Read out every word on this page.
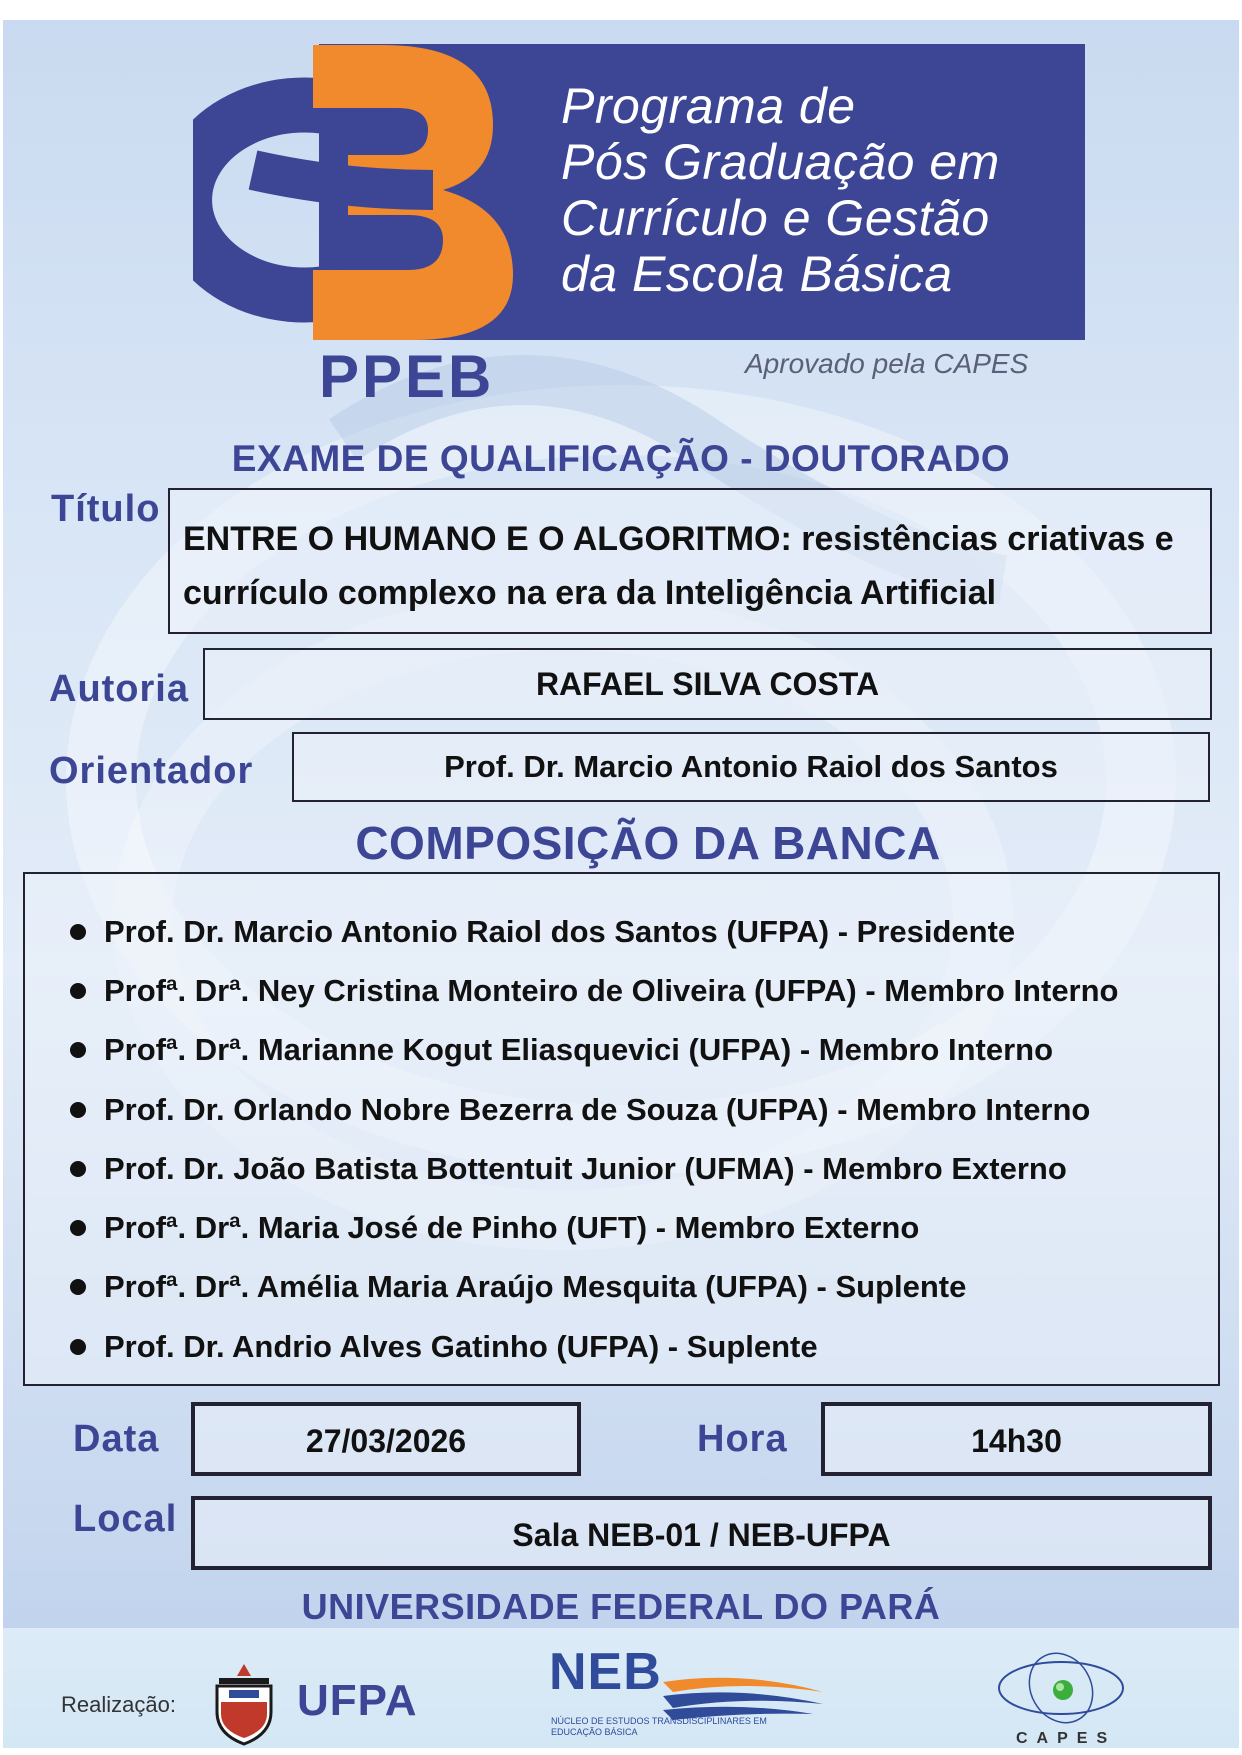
Programa de
Pós Graduação em
Currículo e Gestão
da Escola Básica
PPEB	Aprovado pela CAPES
EXAME DE QUALIFICAÇÃO - DOUTORADO
Título
ENTRE O HUMANO E O ALGORITMO: resistências criativas e currículo complexo na era da Inteligência Artificial
Autoria	RAFAEL SILVA COSTA
Orientador	Prof. Dr. Marcio Antonio Raiol dos Santos
COMPOSIÇÃO DA BANCA
Prof. Dr. Marcio Antonio Raiol dos Santos (UFPA) - Presidente
Profª. Drª. Ney Cristina Monteiro de Oliveira (UFPA) - Membro Interno
Profª. Drª. Marianne Kogut Eliasquevici (UFPA) - Membro Interno
Prof. Dr. Orlando Nobre Bezerra de Souza (UFPA) - Membro Interno
Prof. Dr. João Batista Bottentuit Junior (UFMA) - Membro Externo
Profª. Drª. Maria José de Pinho (UFT) - Membro Externo
Profª. Drª. Amélia Maria Araújo Mesquita (UFPA) - Suplente
Prof. Dr. Andrio Alves Gatinho (UFPA) - Suplente
Data	27/03/2026	Hora	14h30
Local	Sala NEB-01 / NEB-UFPA
UNIVERSIDADE FEDERAL DO PARÁ
Realização:	UFPA	NEB
NÚCLEO DE ESTUDOS TRANSDISCIPLINARES EM
EDUCAÇÃO BÁSICA	CAPES
